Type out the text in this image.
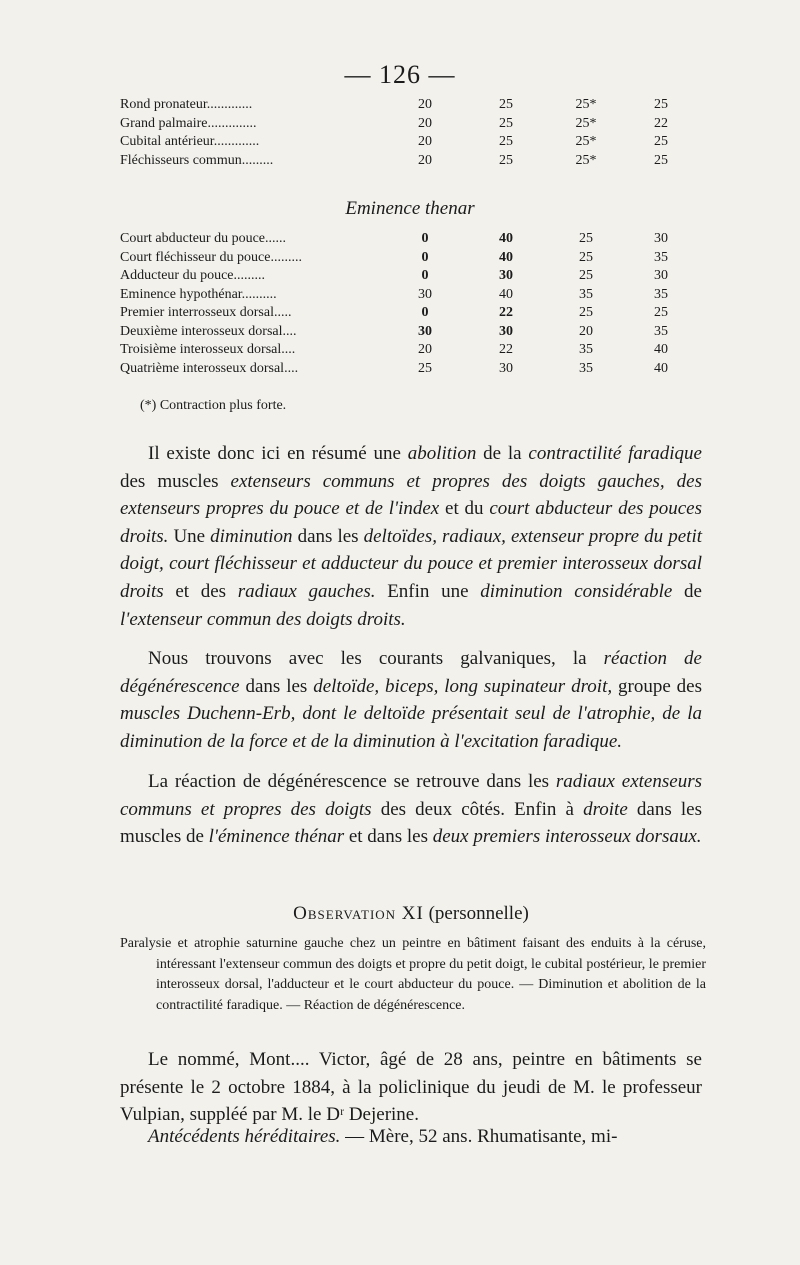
— 126 —
Rond pronateur.............	20	25	25*	25
Grand palmaire..............	20	25	25*	22
Cubital antérieur.............	20	25	25*	25
Fléchisseurs commun.........	20	25	25*	25
Eminence thenar
Court abducteur du pouce......	0	40	25	30
Court fléchisseur du pouce.........	0	40	25	35
Adducteur du pouce.........	0	30	25	30
Eminence hypothénar..........	30	40	35	35
Premier interrosseux dorsal.....	0	22	25	25
Deuxième interosseux dorsal....	30	30	20	35
Troisième interosseux dorsal....	20	22	35	40
Quatrième interosseux dorsal....	25	30	35	40
(*) Contraction plus forte.

Il existe donc ici en résumé une abolition de la contractilité faradique des muscles extenseurs communs et propres des doigts gauches, des extenseurs propres du pouce et de l'index et du court abducteur des pouces droits. Une diminution dans les deltoïdes, radiaux, extenseur propre du petit doigt, court fléchisseur et adducteur du pouce et premier interosseux dorsal droits et des radiaux gauches. Enfin une diminution considérable de l'extenseur commun des doigts droits.

Nous trouvons avec les courants galvaniques, la réaction de dégénérescence dans les deltoïde, biceps, long supinateur droit, groupe des muscles Duchenn-Erb, dont le deltoïde présentait seul de l'atrophie, de la diminution de la force et de la diminution à l'excitation faradique.

La réaction de dégénérescence se retrouve dans les radiaux extenseurs communs et propres des doigts des deux côtés. Enfin à droite dans les muscles de l'éminence thénar et dans les deux premiers interosseux dorsaux.

Observation XI (personnelle)

Paralysie et atrophie saturnine gauche chez un peintre en bâtiment faisant des enduits à la céruse, intéressant l'extenseur commun des doigts et propre du petit doigt, le cubital postérieur, le premier interosseux dorsal, l'adducteur et le court abducteur du pouce. — Diminution et abolition de la contractilité faradique. — Réaction de dégénérescence.

Le nommé, Mont.... Victor, âgé de 28 ans, peintre en bâtiments se présente le 2 octobre 1884, à la policlinique du jeudi de M. le professeur Vulpian, suppléé par M. le Dʳ Dejerine.

Antécédents héréditaires. — Mère, 52 ans. Rhumatisante, mi-
